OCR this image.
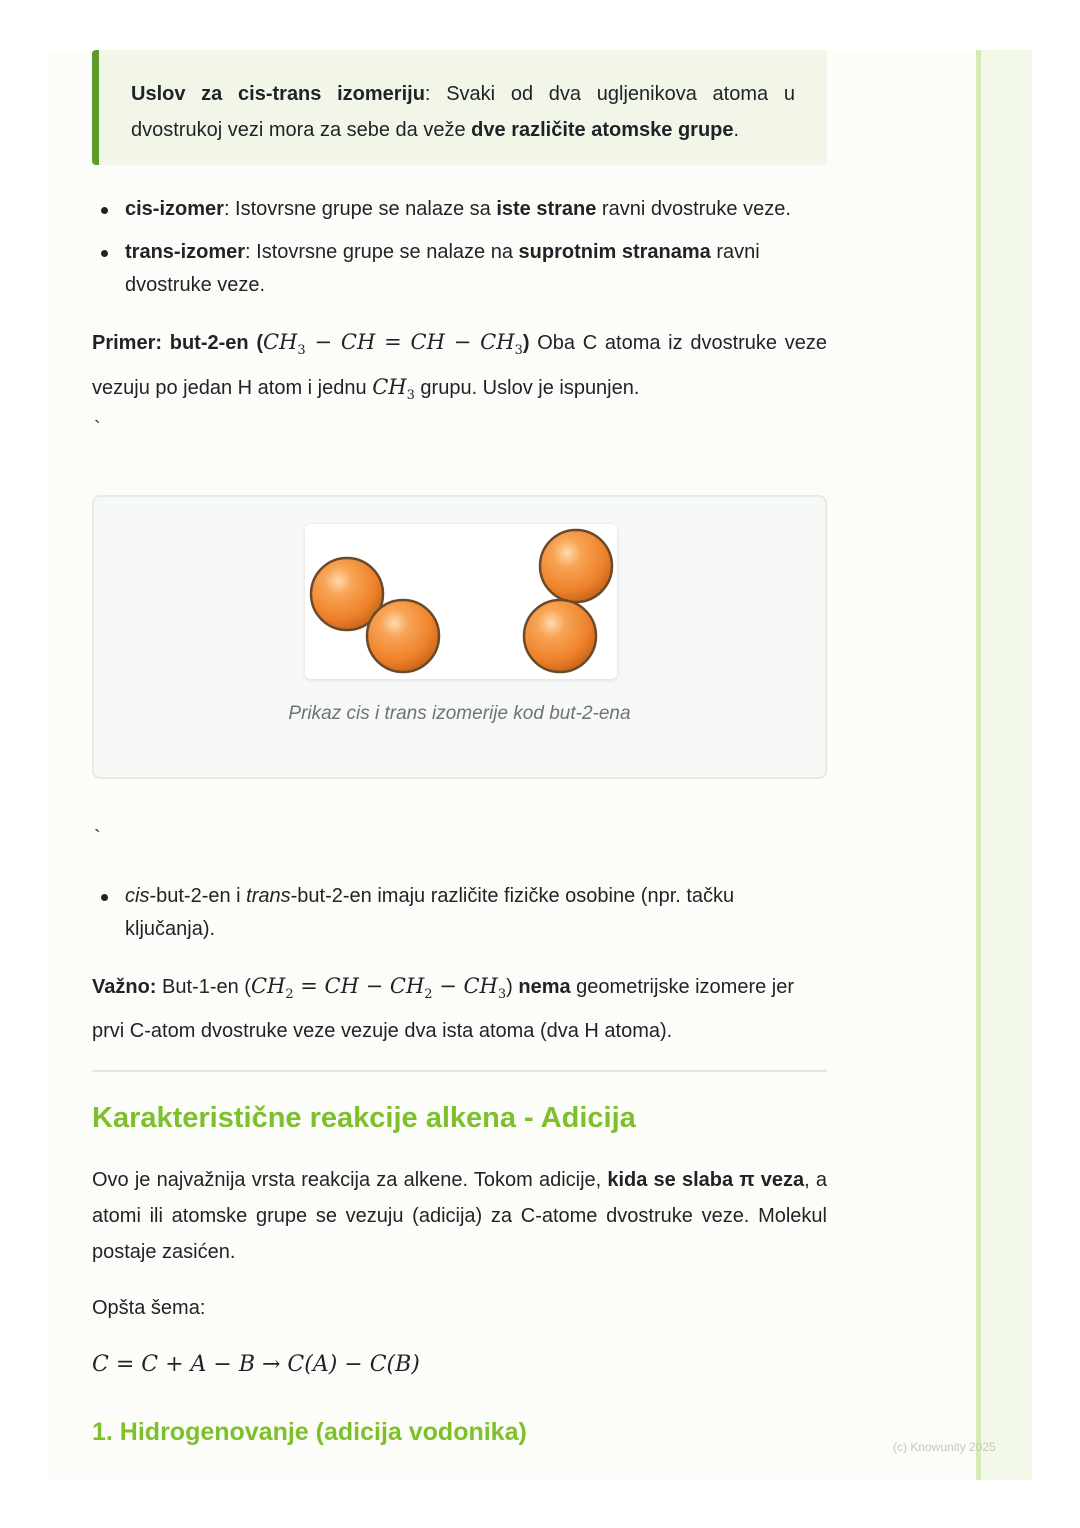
Uslov za cis-trans izomeriju: Svaki od dva ugljenikova atoma u dvostrukoj vezi mora za sebe da veže dve različite atomske grupe.
cis-izomer: Istovrsne grupe se nalaze sa iste strane ravni dvostruke veze.
trans-izomer: Istovrsne grupe se nalaze na suprotnim stranama ravni dvostruke veze.
Primer: but-2-en ($CH_3$ − CH = CH − $CH_3$) Oba C atoma iz dvostruke veze vezuju po jedan H atom i jednu $CH_3$ grupu. Uslov je ispunjen.
`
Prikaz cis i trans izomerije kod but-2-ena
`
cis-but-2-en i trans-but-2-en imaju različite fizičke osobine (npr. tačku ključanja).
Važno: But-1-en ($CH_2$ = CH − $CH_2 - CH_3$) nema geometrijske izomere jer prvi C-atom dvostruke veze vezuje dva ista atoma (dva H atoma).
Karakteristične reakcije alkena - Adicija
Ovo je najvažnija vrsta reakcija za alkene. Tokom adicije, kida se slaba π veza, a atomi ili atomske grupe se vezuju (adicija) za C-atome dvostruke veze. Molekul postaje zasićen.
Opšta šema:
C = C + A − B → C(A) − C(B)
1. Hidrogenovanje (adicija vodonika)
(c) Knowunity 2025
